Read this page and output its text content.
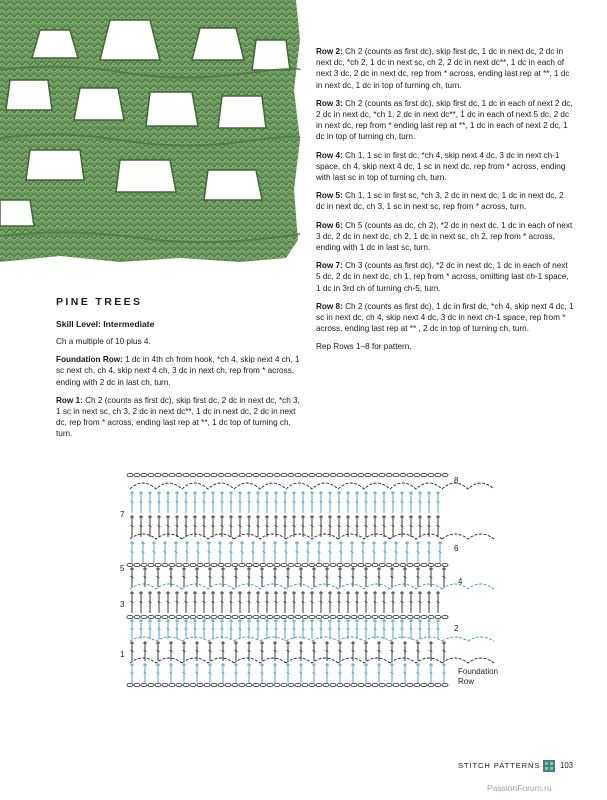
Row 2: Ch 2 (counts as first dc), skip first dc, 1 dc in next dc, 2 dc in next dc, *ch 2, 1 dc in next sc, ch 2, 2 dc in next dc**, 1 dc in each of next 3 dc, 2 dc in next dc, rep from * across, ending last rep at **, 1 dc in next dc, 1 dc in top of turning ch, turn.

Row 3: Ch 2 (counts as first dc), skip first dc, 1 dc in each of next 2 dc, 2 dc in next dc, *ch 1, 2 dc in next dc**, 1 dc in each of next 5 dc, 2 dc in next dc, rep from * ending last rep at **, 1 dc in each of next 2 dc, 1 dc in top of turning ch, turn.

Row 4: Ch 1, 1 sc in first dc, *ch 4, skip next 4 dc, 3 dc in next ch-1 space, ch 4, skip next 4 dc, 1 sc in next dc, rep from * across, ending with last sc in top of turning ch, turn.

Row 5: Ch 1, 1 sc in first sc, *ch 3, 2 dc in next dc, 1 dc in next dc, 2 dc in next dc, ch 3, 1 sc in next sc, rep from * across, turn.

Row 6: Ch 5 (counts as dc, ch 2), *2 dc in next dc, 1 dc in each of next 3 dc, 2 dc in next dc, ch 2, 1 dc in next sc, ch 2, rep from * across, ending with 1 dc in last sc, turn.

Row 7: Ch 3 (counts as first dc), *2 dc in next dc, 1 dc in each of next 5 dc, 2 dc in next dc, ch 1, rep from * across, omitting last ch-1 space, 1 dc in 3rd ch of turning ch-5, turn.

Row 8: Ch 2 (counts as first dc), 1 dc in first dc, *ch 4, skip next 4 dc, 1 sc in next dc, ch 4, skip next 4 dc, 3 dc in next ch-1 space, rep from * across, ending last rep at ** , 2 dc in top of turning ch, turn.

Rep Rows 1–8 for pattern.

PINE TREES

Skill Level: Intermediate

Ch a multiple of 10 plus 4.

Foundation Row: 1 dc in 4th ch from hook, *ch 4, skip next 4 ch, 1 sc next ch, ch 4, skip next 4 ch, 3 dc in next ch, rep from * across, ending with 2 dc in last ch, turn.

Row 1: Ch 2 (counts as first dc), skip first dc, 2 dc in next dc, *ch 3, 1 sc in next sc, ch 3, 2 dc in next dc**, 1 dc in next dc, 2 dc in next dc, rep from * across, ending last rep at **, 1 dc top of turning ch, turn.

7
5
3
1
8
6
4
2
Foundation
Row
STITCH PATTERNS	103
PassionForum.ru
